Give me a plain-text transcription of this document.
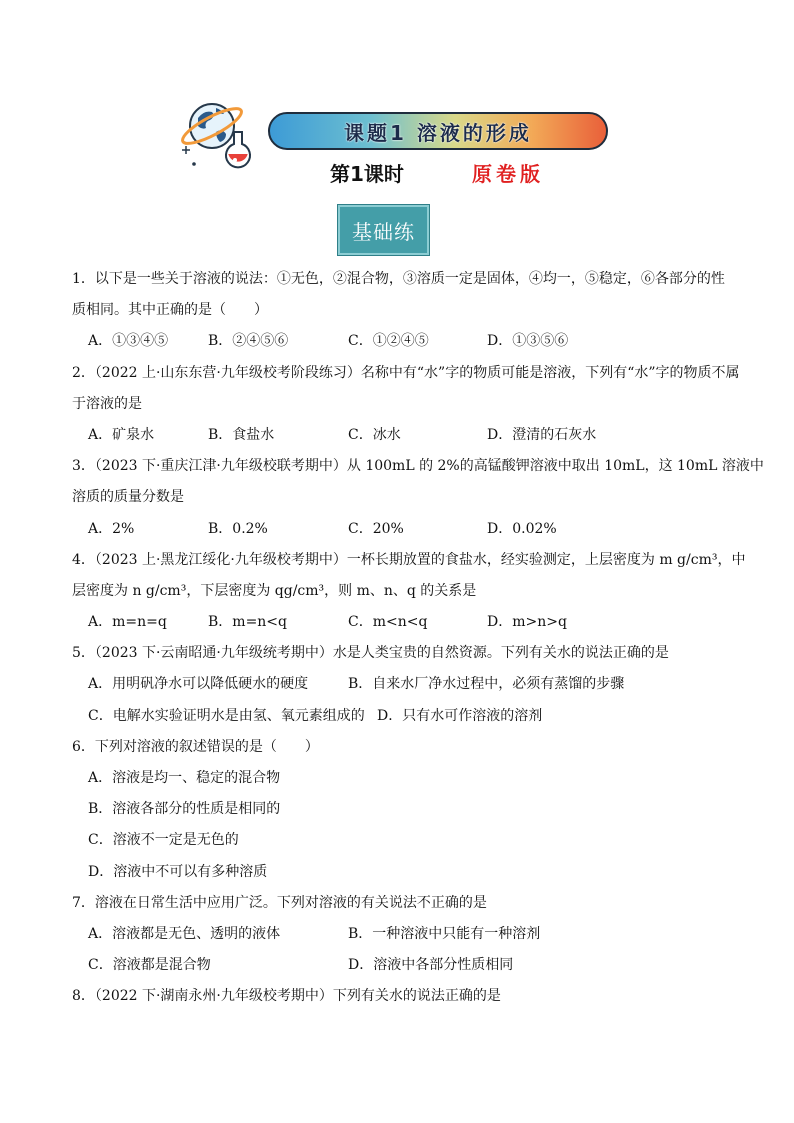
课题1 溶液的形成
第1课时	原卷版
基础练
1．以下是一些关于溶液的说法：①无色，②混合物，③溶质一定是固体，④均一，⑤稳定，⑥各部分的性
质相同。其中正确的是（　　）
A．①③④⑤	B．②④⑤⑥	C．①②④⑤	D．①③⑤⑥
2．（2022 上·山东东营·九年级校考阶段练习）名称中有“水”字的物质可能是溶液，下列有“水”字的物质不属
于溶液的是
A．矿泉水	B．食盐水	C．冰水	D．澄清的石灰水
3．（2023 下·重庆江津·九年级校联考期中）从 100mL 的 2%的高锰酸钾溶液中取出 10mL，这 10mL 溶液中
溶质的质量分数是
A．2%	B．0.2%	C．20%	D．0.02%
4．（2023 上·黑龙江绥化·九年级校考期中）一杯长期放置的食盐水，经实验测定，上层密度为 m g/cm³，中
层密度为 n g/cm³，下层密度为 qg/cm³，则 m、n、q 的关系是
A．m=n=q	B．m=n<q	C．m<n<q	D．m>n>q
5．（2023 下·云南昭通·九年级统考期中）水是人类宝贵的自然资源。下列有关水的说法正确的是
A．用明矾净水可以降低硬水的硬度	B．自来水厂净水过程中，必须有蒸馏的步骤
C．电解水实验证明水是由氢、氧元素组成的 D．只有水可作溶液的溶剂
6．下列对溶液的叙述错误的是（　　）
A．溶液是均一、稳定的混合物
B．溶液各部分的性质是相同的
C．溶液不一定是无色的
D．溶液中不可以有多种溶质
7．溶液在日常生活中应用广泛。下列对溶液的有关说法不正确的是
A．溶液都是无色、透明的液体	B．一种溶液中只能有一种溶剂
C．溶液都是混合物	D．溶液中各部分性质相同
8．（2022 下·湖南永州·九年级校考期中）下列有关水的说法正确的是
